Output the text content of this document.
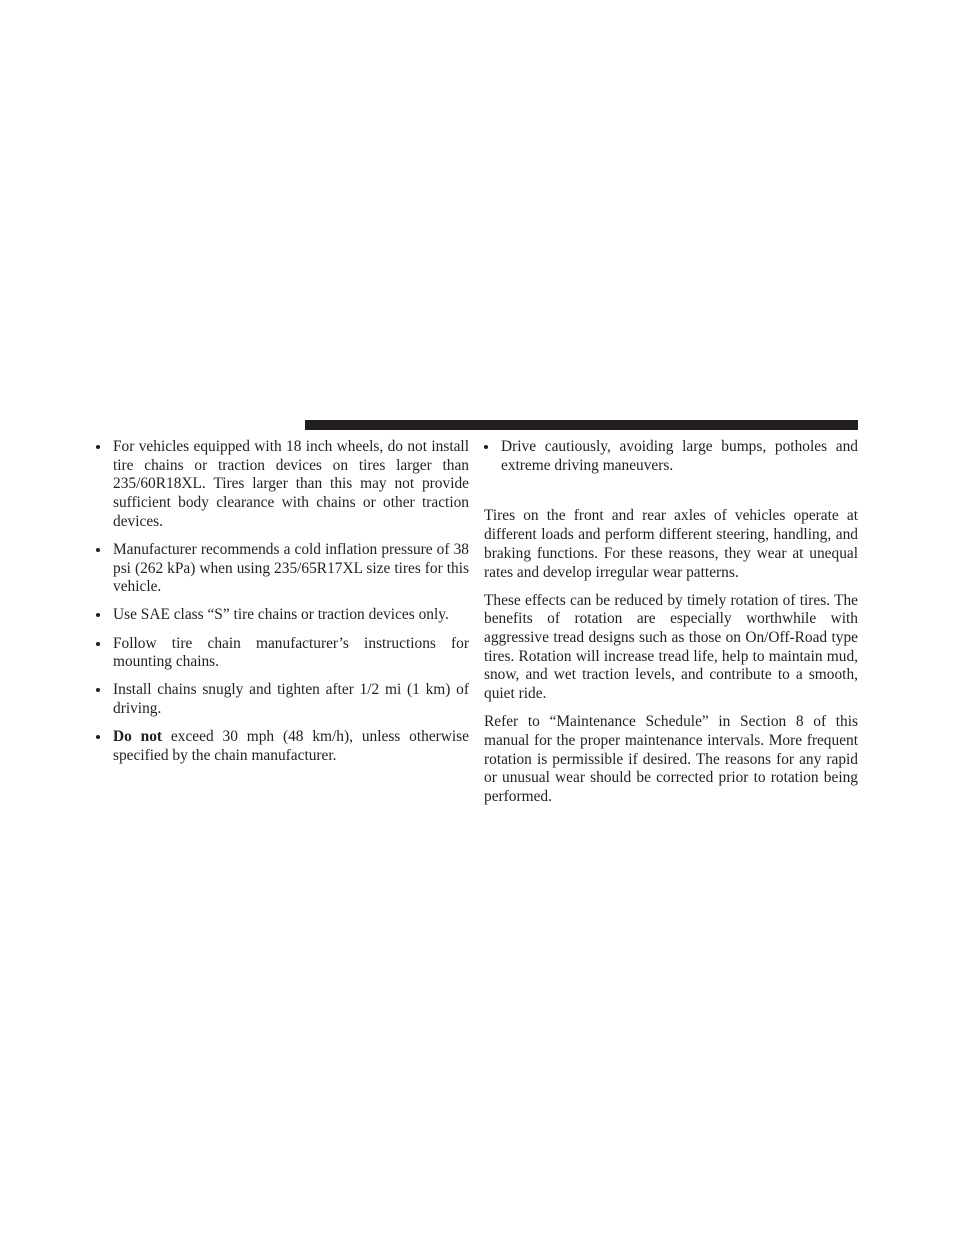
For vehicles equipped with 18 inch wheels, do not install tire chains or traction devices on tires larger than 235/60R18XL. Tires larger than this may not provide sufficient body clearance with chains or other traction devices.
Manufacturer recommends a cold inflation pressure of 38 psi (262 kPa) when using 235/65R17XL size tires for this vehicle.
Use SAE class “S” tire chains or traction devices only.
Follow tire chain manufacturer’s instructions for mounting chains.
Install chains snugly and tighten after 1/2 mi (1 km) of driving.
Do not exceed 30 mph (48 km/h), unless otherwise specified by the chain manufacturer.
Drive cautiously, avoiding large bumps, potholes and extreme driving maneuvers.

Tires on the front and rear axles of vehicles operate at different loads and perform different steering, handling, and braking functions. For these reasons, they wear at unequal rates and develop irregular wear patterns.

These effects can be reduced by timely rotation of tires. The benefits of rotation are especially worthwhile with aggressive tread designs such as those on On/Off-Road type tires. Rotation will increase tread life, help to maintain mud, snow, and wet traction levels, and contribute to a smooth, quiet ride.

Refer to “Maintenance Schedule” in Section 8 of this manual for the proper maintenance intervals. More frequent rotation is permissible if desired. The reasons for any rapid or unusual wear should be corrected prior to rotation being performed.
